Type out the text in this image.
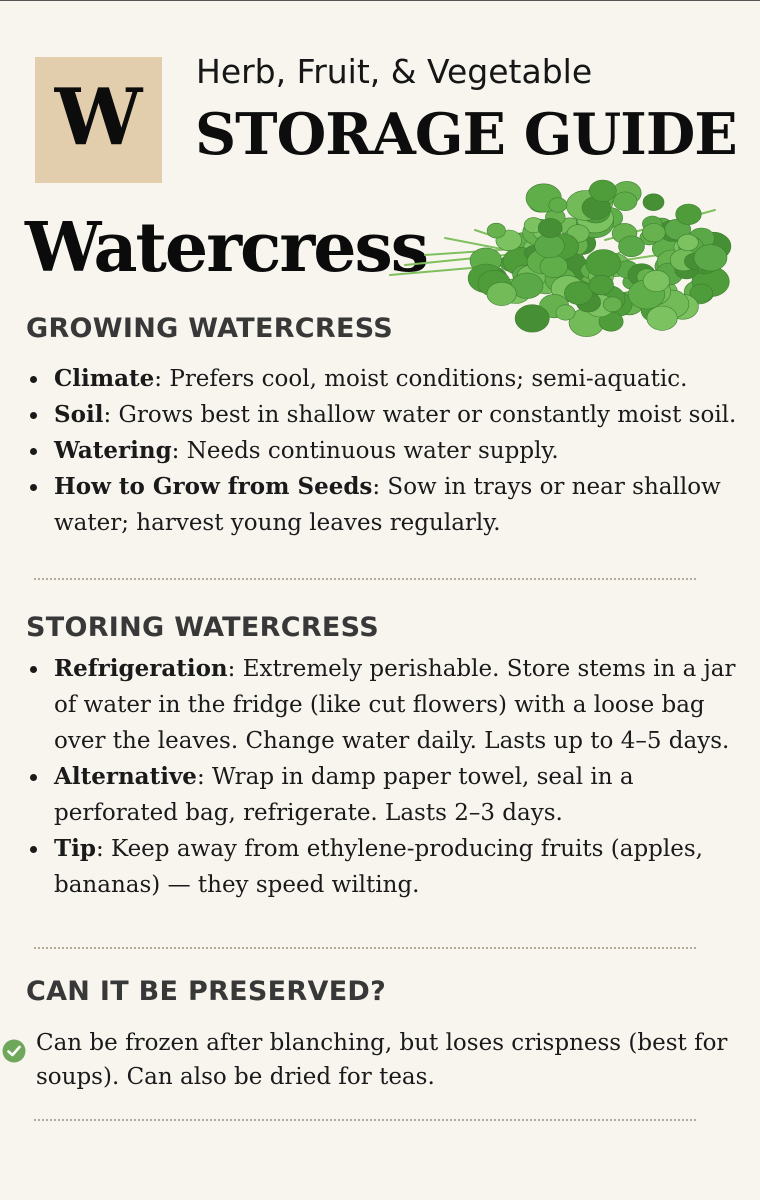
W
Herb, Fruit, & Vegetable
STORAGE GUIDE
Watercress
GROWING WATERCRESS
Climate: Prefers cool, moist conditions; semi-aquatic.
Soil: Grows best in shallow water or constantly moist soil.
Watering: Needs continuous water supply.
How to Grow from Seeds: Sow in trays or near shallow water; harvest young leaves regularly.
STORING WATERCRESS
Refrigeration: Extremely perishable. Store stems in a jar of water in the fridge (like cut flowers) with a loose bag over the leaves. Change water daily. Lasts up to 4–5 days.
Alternative: Wrap in damp paper towel, seal in a perforated bag, refrigerate. Lasts 2–3 days.
Tip: Keep away from ethylene-producing fruits (apples, bananas) — they speed wilting.
CAN IT BE PRESERVED?
Can be frozen after blanching, but loses crispness (best for soups). Can also be dried for teas.
